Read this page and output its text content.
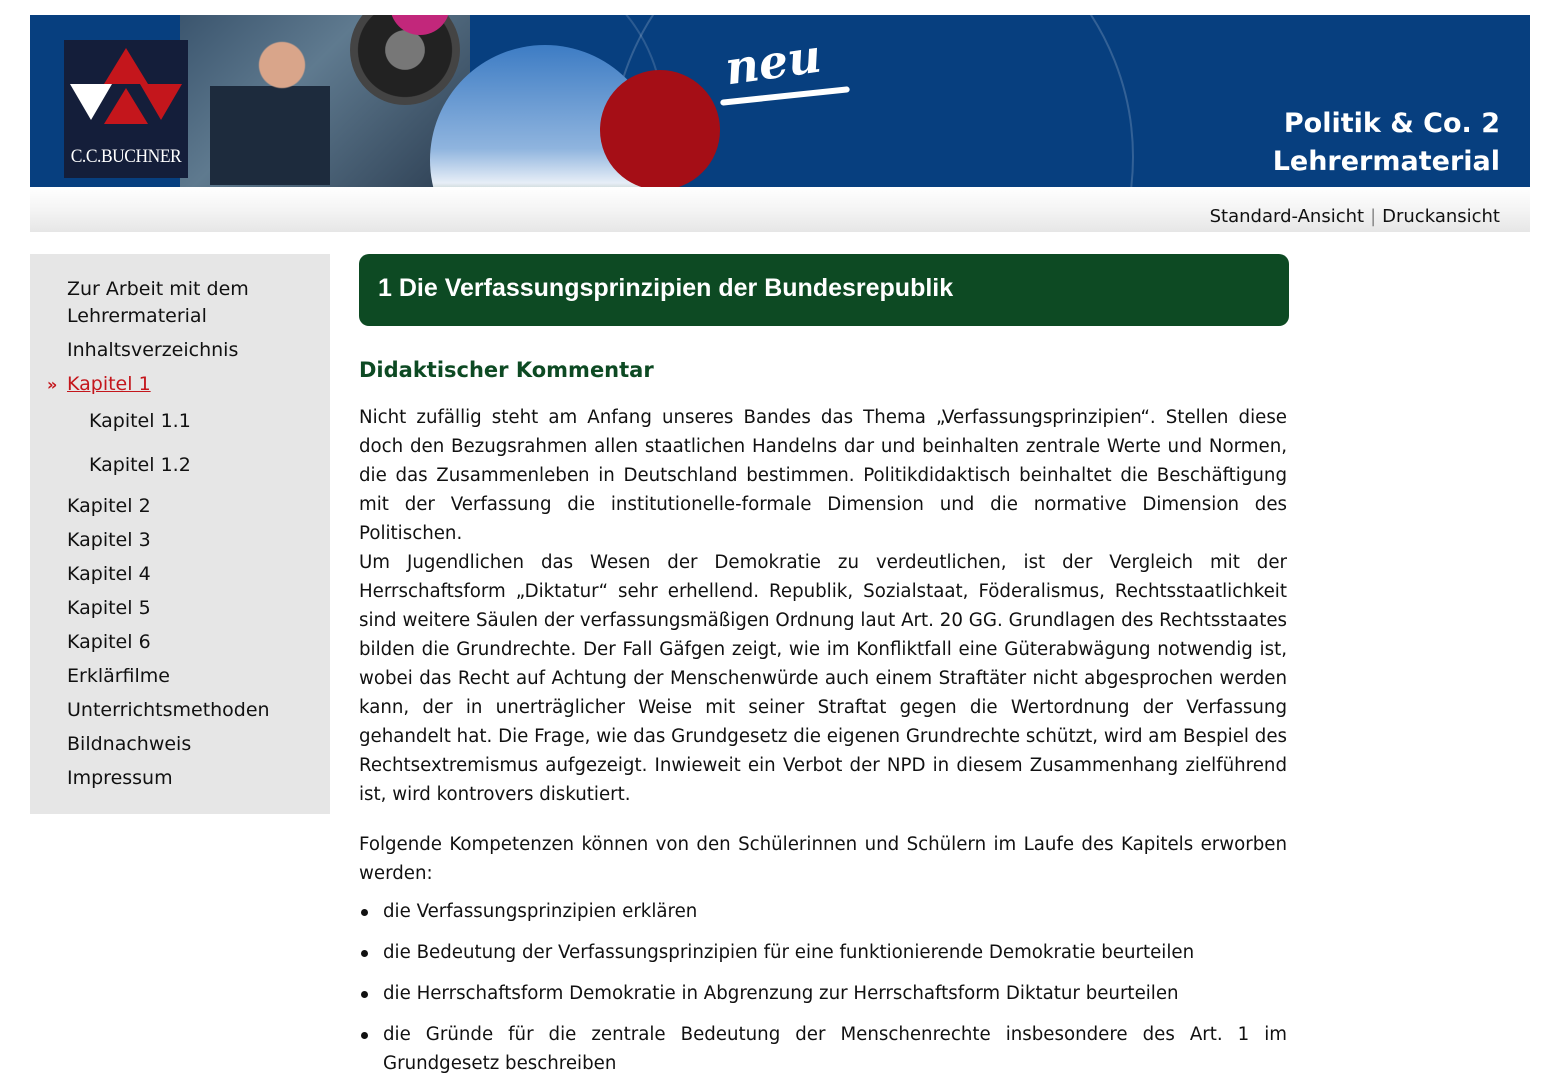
neu
C.C.BUCHNER
Politik & Co. 2
Lehrermaterial
Standard-Ansicht | Druckansicht
Zur Arbeit mit dem
Lehrermaterial
Inhaltsverzeichnis
» Kapitel 1
Kapitel 1.1
Kapitel 1.2
Kapitel 2
Kapitel 3
Kapitel 4
Kapitel 5
Kapitel 6
Erklärfilme
Unterrichtsmethoden
Bildnachweis
Impressum
1 Die Verfassungsprinzipien der Bundesrepublik
Didaktischer Kommentar

Nicht zufällig steht am Anfang unseres Bandes das Thema „Verfassungsprinzipien“. Stellen diese doch den Bezugsrahmen allen staatlichen Handelns dar und beinhalten zentrale Werte und Normen, die das Zusammenleben in Deutschland bestimmen. Politikdidaktisch beinhaltet die Beschäftigung mit der Verfassung die institutionelle-formale Dimension und die normative Dimension des Politischen.

Um Jugendlichen das Wesen der Demokratie zu verdeutlichen, ist der Vergleich mit der Herrschaftsform „Diktatur“ sehr erhellend. Republik, Sozialstaat, Föderalismus, Rechtsstaatlichkeit sind weitere Säulen der verfassungsmäßigen Ordnung laut Art. 20 GG. Grundlagen des Rechtsstaates bilden die Grundrechte. Der Fall Gäfgen zeigt, wie im Konfliktfall eine Güterabwägung notwendig ist, wobei das Recht auf Achtung der Menschenwürde auch einem Straftäter nicht abgesprochen werden kann, der in unerträglicher Weise mit seiner Straftat gegen die Wertordnung der Verfassung gehandelt hat. Die Frage, wie das Grundgesetz die eigenen Grundrechte schützt, wird am Bespiel des Rechtsextremismus aufgezeigt. Inwieweit ein Verbot der NPD in diesem Zusammenhang zielführend ist, wird kontrovers diskutiert.

Folgende Kompetenzen können von den Schülerinnen und Schülern im Laufe des Kapitels erworben werden:

die Verfassungsprinzipien erklären
die Bedeutung der Verfassungsprinzipien für eine funktionierende Demokratie beurteilen
die Herrschaftsform Demokratie in Abgrenzung zur Herrschaftsform Diktatur beurteilen
die Gründe für die zentrale Bedeutung der Menschenrechte insbesondere des Art. 1 im Grundgesetz beschreiben
